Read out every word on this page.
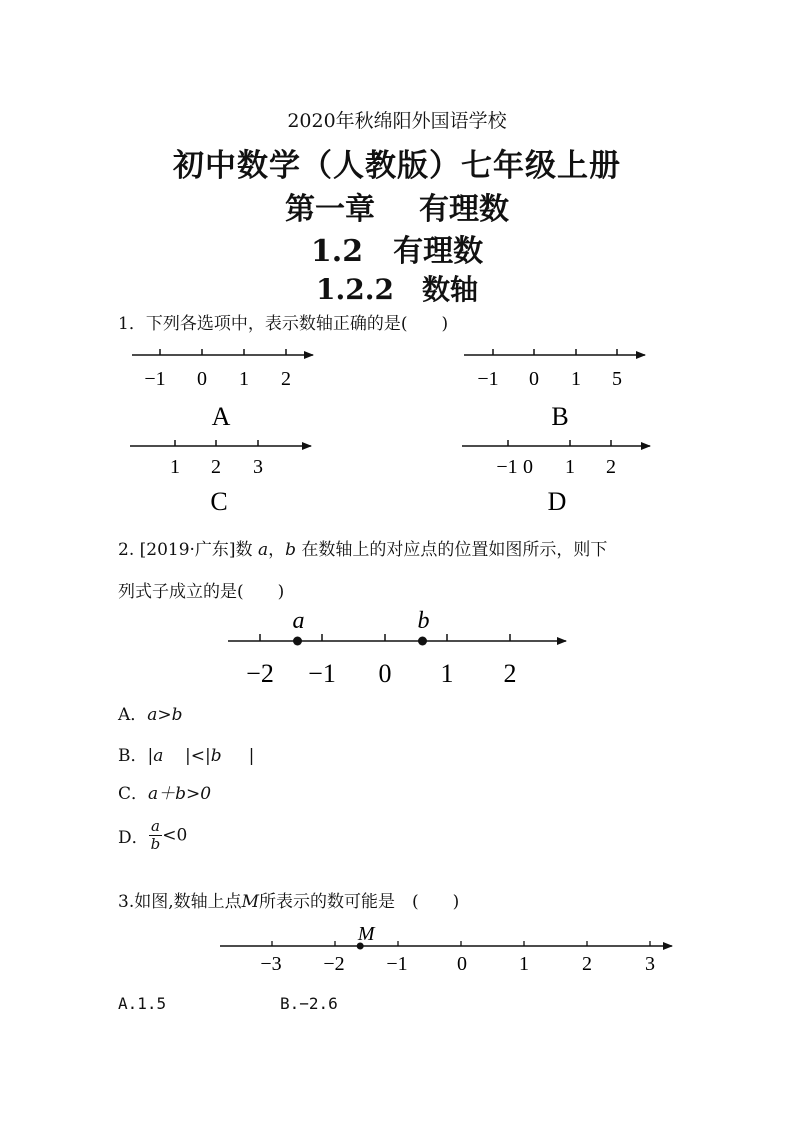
2020年秋绵阳外国语学校
初中数学（人教版）七年级上册
第一章 有理数
1.2　有理数
1.2.2　数轴
1．下列各选项中，表示数轴正确的是(　　)
−1 0 1 2
A
−1 0 1 5
B
1 2 3
C
−1 0 1 2
D
−2 −1 0 1 2
a	b
−3 −2 −1 0	1	2	3
M
2. [2019·广东]数 a，b 在数轴上的对应点的位置如图所示，则下
列式子成立的是(　　)
A．a>b
B．|a |<|b |
C．a＋b>0
D． $\frac{a}{b} <0$
3.如图,数轴上点M所表示的数可能是　(　　)
A.1.5	B.−2.6
